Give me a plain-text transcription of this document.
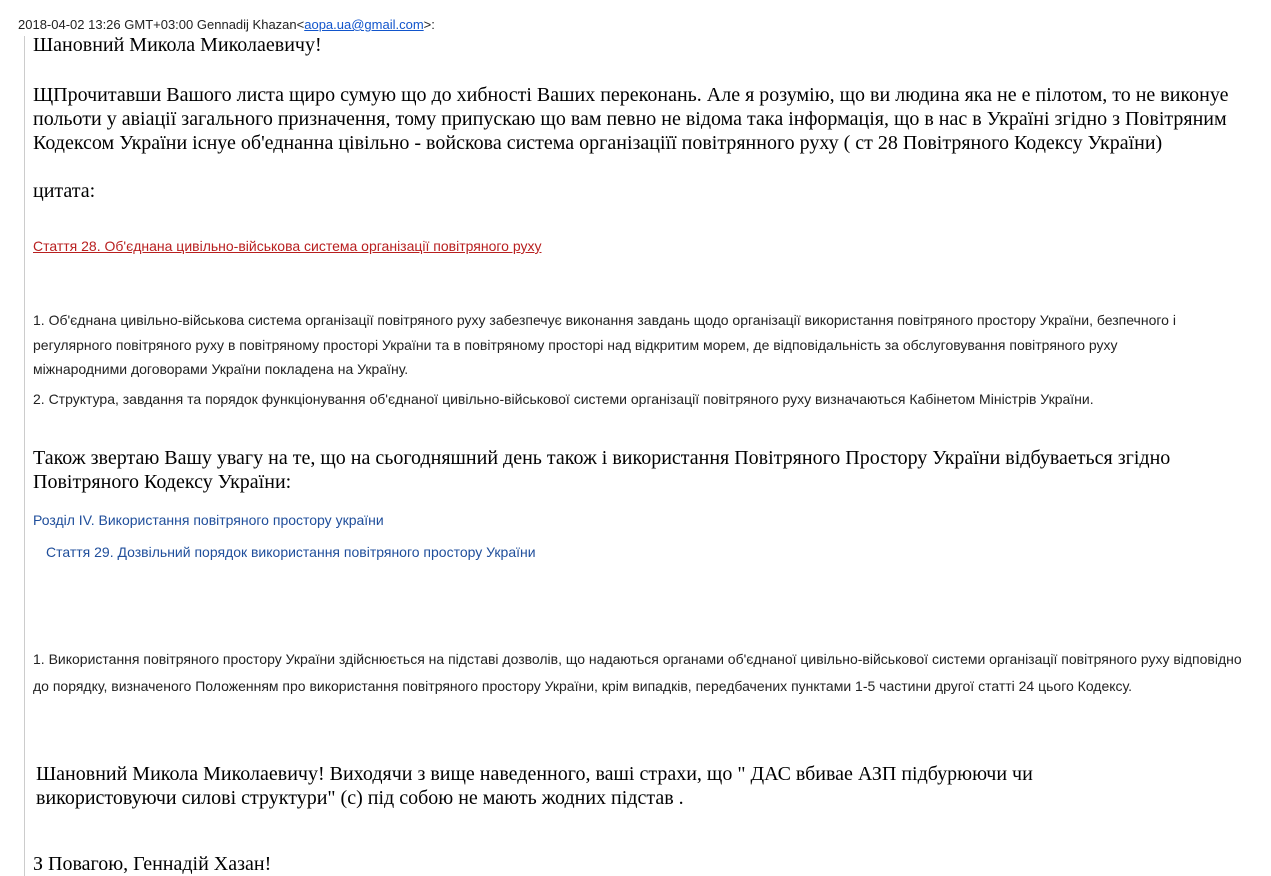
2018-04-02 13:26 GMT+03:00 Gennadij Khazan<aopa.ua@gmail.com>:
Шановний Микола Миколаевичу!
ЩПрочитавши Вашого листа щиро сумую що до хибності Ваших переконань. Але я розумію, що ви людина яка не е пілотом, то не виконуе польоти у авіації загального призначення, тому припускаю що вам певно не відома така інформація, що в нас в Україні згідно з Повітряним Кодексом України існуе об'еднанна цівільно - войскова система організаціїї повітрянного руху ( ст 28 Повітряного Кодексу України)
цитата:
Стаття 28. Об'єднана цивільно-військова система організації повітряного руху
1. Об'єднана цивільно-військова система організації повітряного руху забезпечує виконання завдань щодо організації використання повітряного простору України, безпечного і регулярного повітряного руху в повітряному просторі України та в повітряному просторі над відкритим морем, де відповідальність за обслуговування повітряного руху міжнародними договорами України покладена на Україну.
2. Структура, завдання та порядок функціонування об'єднаної цивільно-військової системи організації повітряного руху визначаються Кабінетом Міністрів України.
Також звертаю Вашу увагу на те, що на сьогодняшний день також і використання Повітряного Простору України відбуваеться згідно Повітряного Кодексу України:
Розділ IV. Використання повітряного простору україни
Стаття 29. Дозвільний порядок використання повітряного простору України
1. Використання повітряного простору України здійснюється на підставі дозволів, що надаються органами об'єднаної цивільно-військової системи організації повітряного руху відповідно до порядку, визначеного Положенням про використання повітряного простору України, крім випадків, передбачених пунктами 1-5 частини другої статті 24 цього Кодексу.
Шановний Микола Миколаевичу! Виходячи з вище наведенного, ваші страхи, що " ДАС вбивае АЗП підбурюючи чи використовуючи силові структури" (с) під собою не мають жодних підстав .
З Повагою, Геннадій Хазан!
